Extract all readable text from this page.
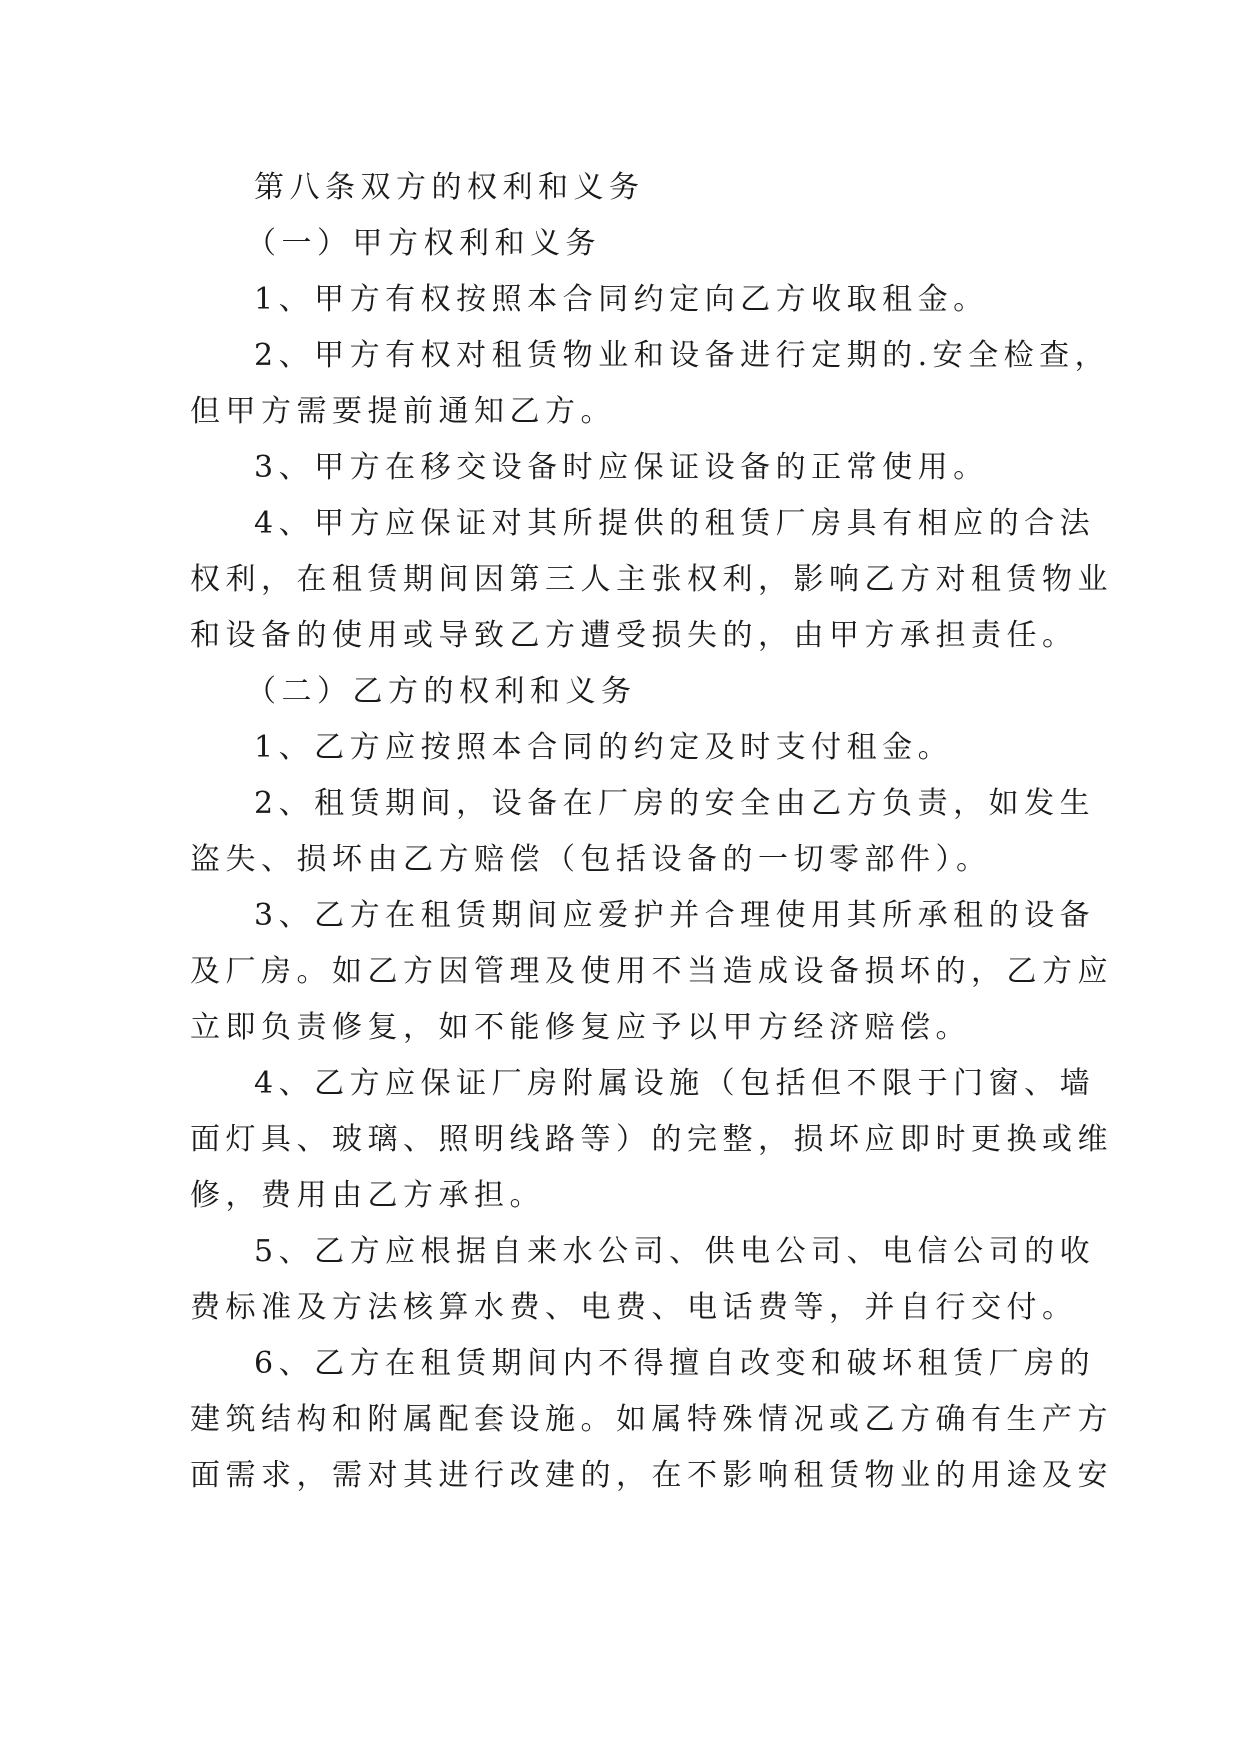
第八条双方的权利和义务
（一）甲方权利和义务
1、甲方有权按照本合同约定向乙方收取租金。
2、甲方有权对租赁物业和设备进行定期的.安全检查，
但甲方需要提前通知乙方。
3、甲方在移交设备时应保证设备的正常使用。
4、甲方应保证对其所提供的租赁厂房具有相应的合法
权利，在租赁期间因第三人主张权利，影响乙方对租赁物业
和设备的使用或导致乙方遭受损失的，由甲方承担责任。
（二）乙方的权利和义务
1、乙方应按照本合同的约定及时支付租金。
2、租赁期间，设备在厂房的安全由乙方负责，如发生
盗失、损坏由乙方赔偿（包括设备的一切零部件）。
3、乙方在租赁期间应爱护并合理使用其所承租的设备
及厂房。如乙方因管理及使用不当造成设备损坏的，乙方应
立即负责修复，如不能修复应予以甲方经济赔偿。
4、乙方应保证厂房附属设施（包括但不限于门窗、墙
面灯具、玻璃、照明线路等）的完整，损坏应即时更换或维
修，费用由乙方承担。
5、乙方应根据自来水公司、供电公司、电信公司的收
费标准及方法核算水费、电费、电话费等，并自行交付。
6、乙方在租赁期间内不得擅自改变和破坏租赁厂房的
建筑结构和附属配套设施。如属特殊情况或乙方确有生产方
面需求，需对其进行改建的，在不影响租赁物业的用途及安
